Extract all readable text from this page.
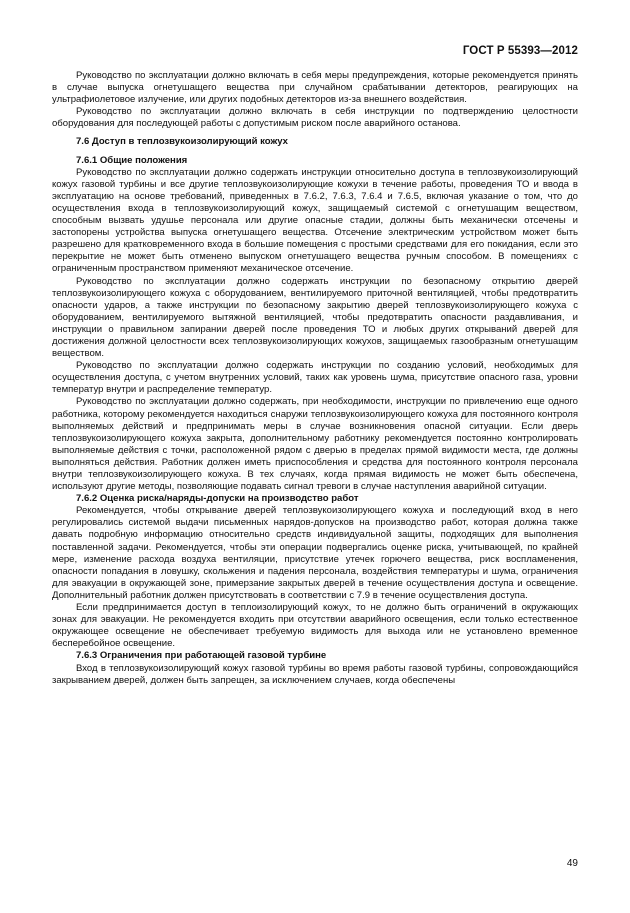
ГОСТ Р 55393—2012

Руководство по эксплуатации должно включать в себя меры предупреждения, которые рекомендуется принять в случае выпуска огнетушащего вещества при случайном срабатывании детекторов, реагирующих на ультрафиолетовое излучение, или других подобных детекторов из-за внешнего воздействия.

Руководство по эксплуатации должно включать в себя инструкции по подтверждению целостности оборудования для последующей работы с допустимым риском после аварийного останова.

7.6 Доступ в теплозвукоизолирующий кожух

7.6.1 Общие положения

Руководство по эксплуатации должно содержать инструкции относительно доступа в теплозвукоизолирующий кожух газовой турбины и все другие теплозвукоизолирующие кожухи в течение работы, проведения ТО и ввода в эксплуатацию на основе требований, приведенных в 7.6.2, 7.6.3, 7.6.4 и 7.6.5, включая указание о том, что до осуществления входа в теплозвукоизолирующий кожух, защищаемый системой с огнетушащим веществом, способным вызвать удушье персонала или другие опасные стадии, должны быть механически отсечены и застопорены устройства выпуска огнетушащего вещества. Отсечение электрическим устройством может быть разрешено для кратковременного входа в большие помещения с простыми средствами для его покидания, если это перекрытие не может быть отменено выпуском огнетушащего вещества ручным способом. В помещениях с ограниченным пространством применяют механическое отсечение.

Руководство по эксплуатации должно содержать инструкции по безопасному открытию дверей теплозвукоизолирующего кожуха с оборудованием, вентилируемого приточной вентиляцией, чтобы предотвратить опасности ударов, а также инструкции по безопасному закрытию дверей теплозвукоизолирующего кожуха с оборудованием, вентилируемого вытяжной вентиляцией, чтобы предотвратить опасности раздавливания, и инструкции о правильном запирании дверей после проведения ТО и любых других открываний дверей для достижения должной целостности всех теплозвукоизолирующих кожухов, защищаемых газообразным огнетушащим веществом.

Руководство по эксплуатации должно содержать инструкции по созданию условий, необходимых для осуществления доступа, с учетом внутренних условий, таких как уровень шума, присутствие опасного газа, уровни температур внутри и распределение температур.

Руководство по эксплуатации должно содержать, при необходимости, инструкции по привлечению еще одного работника, которому рекомендуется находиться снаружи теплозвукоизолирующего кожуха для постоянного контроля выполняемых действий и предпринимать меры в случае возникновения опасной ситуации. Если дверь теплозвукоизолирующего кожуха закрыта, дополнительному работнику рекомендуется постоянно контролировать выполняемые действия с точки, расположенной рядом с дверью в пределах прямой видимости места, где должны выполняться действия. Работник должен иметь приспособления и средства для постоянного контроля персонала внутри теплозвукоизолирующего кожуха. В тех случаях, когда прямая видимость не может быть обеспечена, используют другие методы, позволяющие подавать сигнал тревоги в случае наступления аварийной ситуации.

7.6.2 Оценка риска/наряды-допуски на производство работ

Рекомендуется, чтобы открывание дверей теплозвукоизолирующего кожуха и последующий вход в него регулировались системой выдачи письменных нарядов-допусков на производство работ, которая должна также давать подробную информацию относительно средств индивидуальной защиты, подходящих для выполнения поставленной задачи. Рекомендуется, чтобы эти операции подвергались оценке риска, учитывающей, по крайней мере, изменение расхода воздуха вентиляции, присутствие утечек горючего вещества, риск воспламенения, опасности попадания в ловушку, скольжения и падения персонала, воздействия температуры и шума, ограничения для эвакуации в окружающей зоне, примерзание закрытых дверей в течение осуществления доступа и освещение. Дополнительный работник должен присутствовать в соответствии с 7.9 в течение осуществления доступа.

Если предпринимается доступ в теплоизолирующий кожух, то не должно быть ограничений в окружающих зонах для эвакуации. Не рекомендуется входить при отсутствии аварийного освещения, если только естественное окружающее освещение не обеспечивает требуемую видимость для выхода или не установлено временное бесперебойное освещение.

7.6.3 Ограничения при работающей газовой турбине

Вход в теплозвукоизолирующий кожух газовой турбины во время работы газовой турбины, сопровождающийся закрыванием дверей, должен быть запрещен, за исключением случаев, когда обеспечены

49
